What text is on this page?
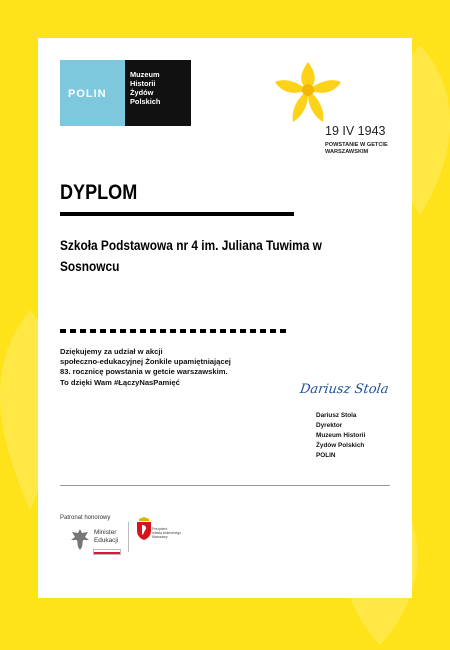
POLIN
Muzeum
Historii
Żydów
Polskich
19 IV 1943
POWSTANIE W GETCIE
WARSZAWSKIM
DYPLOM
Szkoła Podstawowa nr 4 im. Juliana Tuwima w
Sosnowcu
Dziękujemy za udział w akcji
społeczno-edukacyjnej Żonkile upamiętniającej
83. rocznicę powstania w getcie warszawskim.
To dzięki Wam #ŁączyNasPamięć	Dariusz Stola
Dariusz Stola
Dyrektor
Muzeum Historii
Żydów Polskich
POLIN
Patronat honorowy
Minister
Edukacji
Prezydent
miasta stołecznego
Warszawy
